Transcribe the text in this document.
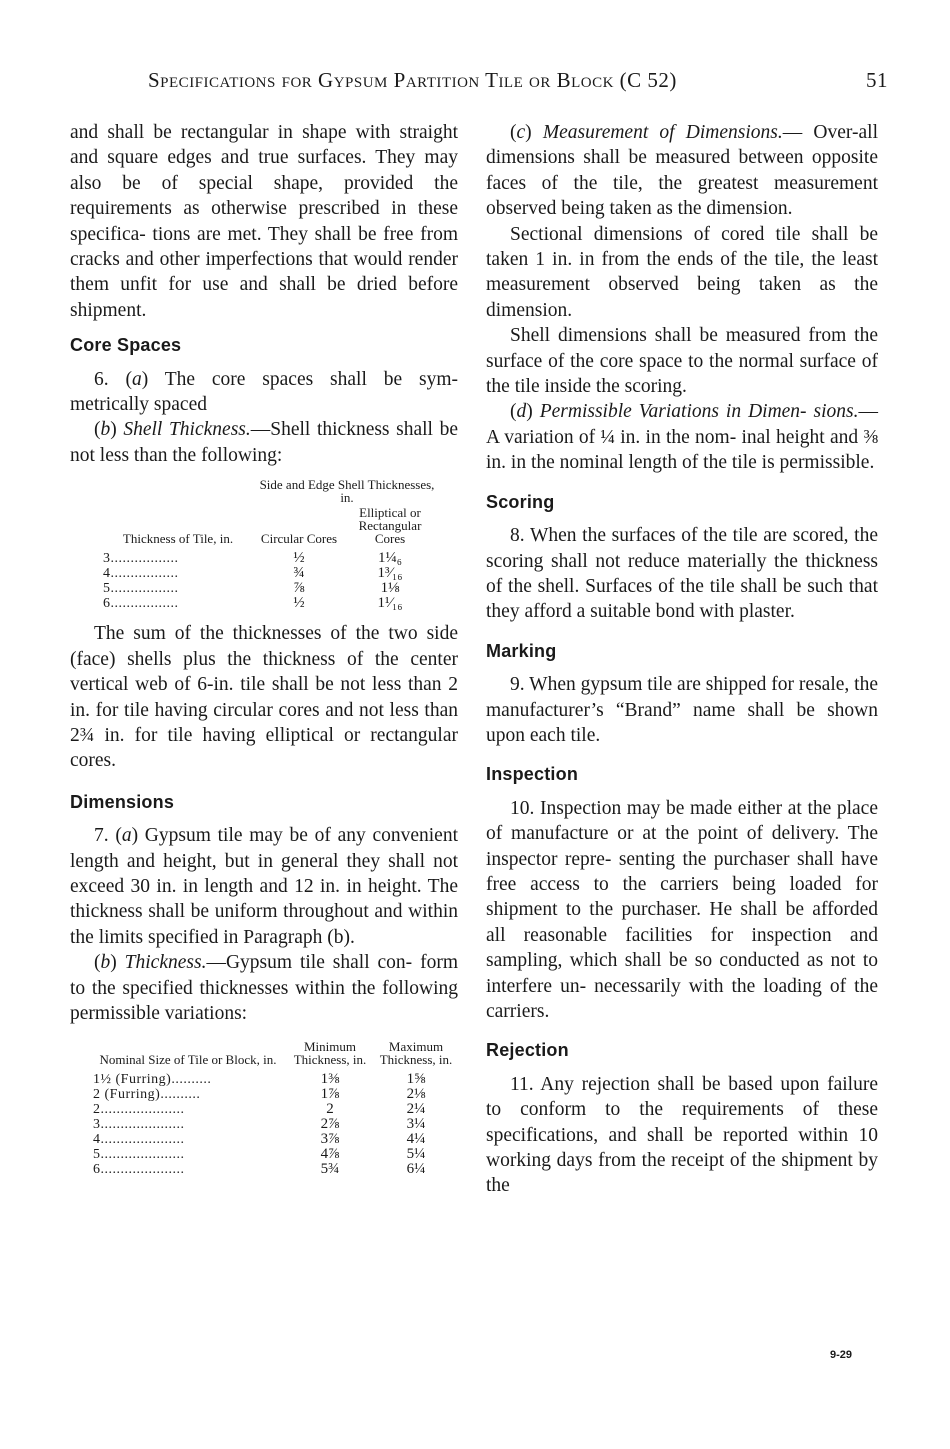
Specifications for Gypsum Partition Tile or Block (C 52)	51

and shall be rectangular in shape with straight and square edges and true surfaces. They may also be of special shape, provided the requirements as otherwise prescribed in these specifica- tions are met. They shall be free from cracks and other imperfections that would render them unfit for use and shall be dried before shipment.

Core Spaces

6. (a) The core spaces shall be sym- metrically spaced

(b) Shell Thickness.—Shell thickness shall be not less than the following:

	Side and Edge Shell Thicknesses, in.	
Thickness of Tile, in.	Circular Cores	Elliptical or Rectangular Cores

3.................	½	1¼₆
4.................	¾	1³⁄₁₆
5.................	⅞	1⅛
6.................	½	1¹⁄₁₆

The sum of the thicknesses of the two side (face) shells plus the thickness of the center vertical web of 6-in. tile shall be not less than 2 in. for tile having circular cores and not less than 2¾ in. for tile having elliptical or rectangular cores.

Dimensions

7. (a) Gypsum tile may be of any convenient length and height, but in general they shall not exceed 30 in. in length and 12 in. in height. The thickness shall be uniform throughout and within the limits specified in Paragraph (b).

(b) Thickness.—Gypsum tile shall con- form to the specified thicknesses within the following permissible variations:

Nominal Size of Tile or Block, in.	Minimum Thickness, in.	Maximum Thickness, in.

1½ (Furring)..........	1⅜	1⅝
2 (Furring)..........	1⅞	2⅛
2.....................	2	2¼
3.....................	2⅞	3¼
4.....................	3⅞	4¼
5.....................	4⅞	5¼
6.....................	5¾	6¼

(c) Measurement of Dimensions.— Over-all dimensions shall be measured between opposite faces of the tile, the greatest measurement observed being taken as the dimension.

Sectional dimensions of cored tile shall be taken 1 in. in from the ends of the tile, the least measurement observed being taken as the dimension.

Shell dimensions shall be measured from the surface of the core space to the normal surface of the tile inside the scoring.

(d) Permissible Variations in Dimen- sions.—A variation of ¼ in. in the nom- inal height and ⅜ in. in the nominal length of the tile is permissible.

Scoring

8. When the surfaces of the tile are scored, the scoring shall not reduce materially the thickness of the shell. Surfaces of the tile shall be such that they afford a suitable bond with plaster.

Marking

9. When gypsum tile are shipped for resale, the manufacturer’s “Brand” name shall be shown upon each tile.

Inspection

10. Inspection may be made either at the place of manufacture or at the point of delivery. The inspector repre- senting the purchaser shall have free access to the carriers being loaded for shipment to the purchaser. He shall be afforded all reasonable facilities for inspection and sampling, which shall be so conducted as not to interfere un- necessarily with the loading of the carriers.

Rejection

11. Any rejection shall be based upon failure to conform to the requirements of these specifications, and shall be reported within 10 working days from the receipt of the shipment by the

9-29
